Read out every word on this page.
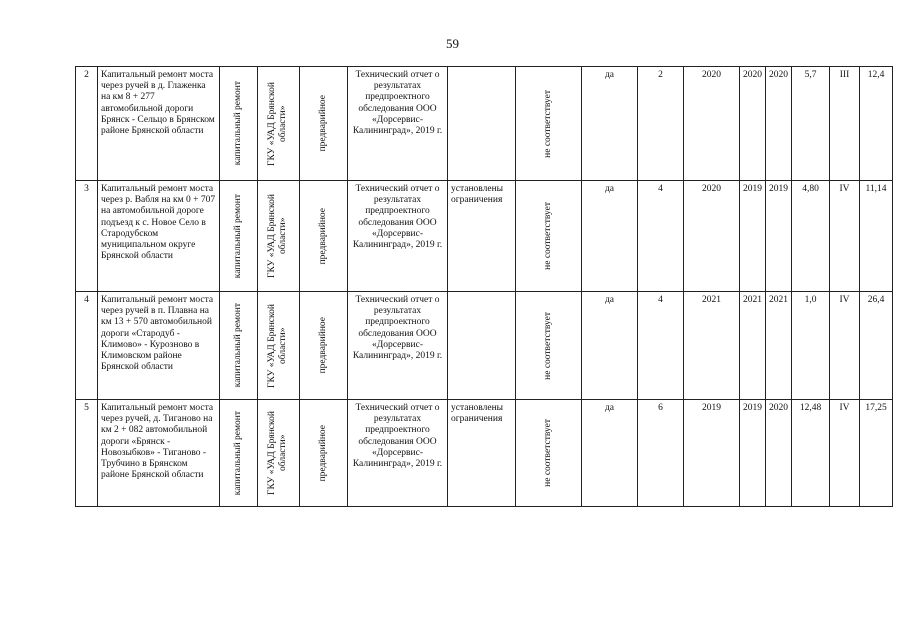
59
2	Капитальный ремонт моста через ручей в д. Глаженка на км 8 + 277 автомобильной дороги Брянск - Сельцо в Брянском районе Брянской области	капитальный ремонт	ГКУ «УАД Брянской области»	предварийное	Технический отчет о результатах предпроектного обследования ООО «Дорсервис-Калининград», 2019 г.		не соответствует	да	2	2020	2020	2020	5,7	III	12,4
3	Капитальный ремонт моста через р. Вабля на км 0 + 707 на автомобильной дороге подъезд к с. Новое Село в Стародубском муниципальном округе Брянской области	капитальный ремонт	ГКУ «УАД Брянской области»	предварийное	Технический отчет о результатах предпроектного обследования ООО «Дорсервис-Калининград», 2019 г.	установлены ограничения	не соответствует	да	4	2020	2019	2019	4,80	IV	11,14
4	Капитальный ремонт моста через ручей в п. Плавна на км 13 + 570 автомобильной дороги «Стародуб - Климово» - Курозново в Климовском районе Брянской области	капитальный ремонт	ГКУ «УАД Брянской области»	предварийное	Технический отчет о результатах предпроектного обследования ООО «Дорсервис-Калининград», 2019 г.		не соответствует	да	4	2021	2021	2021	1,0	IV	26,4
5	Капитальный ремонт моста через ручей, д. Тиганово на км 2 + 082 автомобильной дороги «Брянск - Новозыбков» - Тиганово - Трубчино в Брянском районе Брянской области	капитальный ремонт	ГКУ «УАД Брянской области»	предварийное	Технический отчет о результатах предпроектного обследования ООО «Дорсервис-Калининград», 2019 г.	установлены ограничения	не соответствует	да	6	2019	2019	2020	12,48	IV	17,25
